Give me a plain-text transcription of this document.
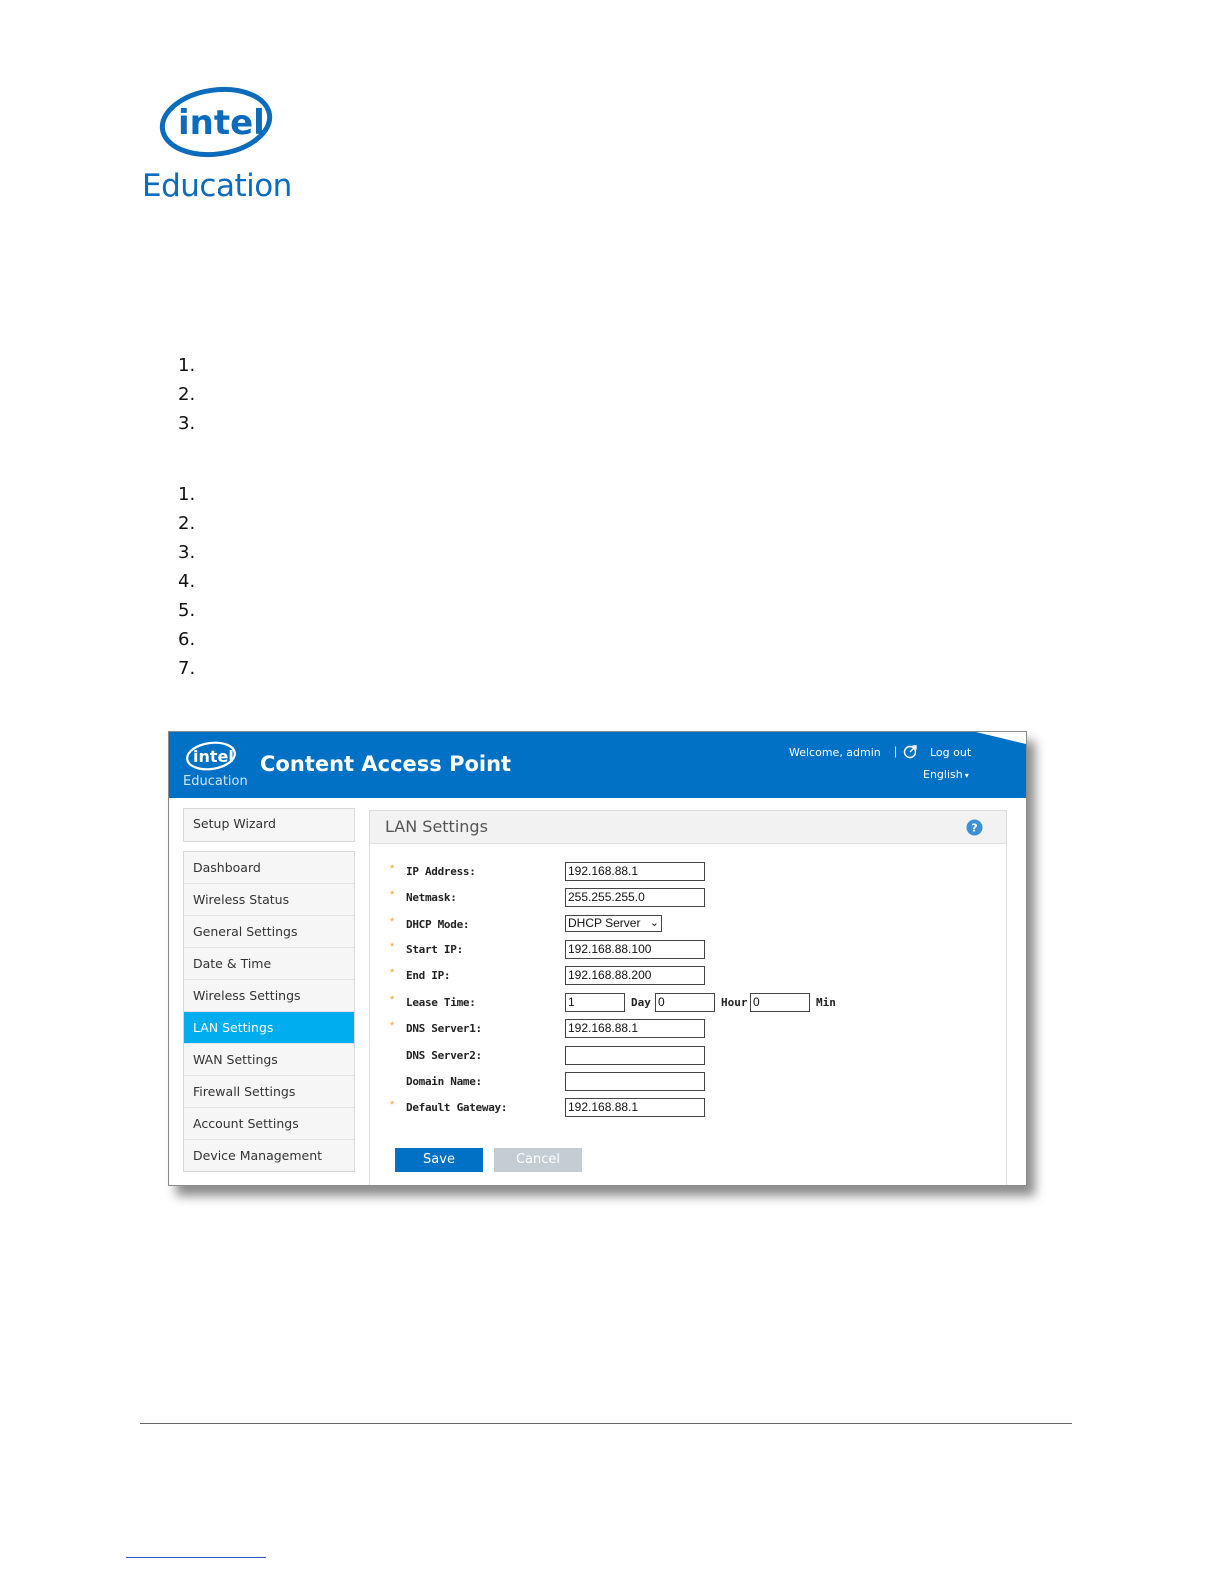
intel
Education
1.
2.
3.
1.
2.
3.
4.
5.
6.
7.
intel
Education
Content Access Point	Welcome, admin |	Log out
English ▾
Setup Wizard
Dashboard
Wireless Status
General Settings
Date & Time
Wireless Settings
LAN Settings
WAN Settings
Firewall Settings
Account Settings
Device Management
LAN Settings	?
* IP Address:	192.168.88.1
* Netmask:	255.255.255.0
* DHCP Mode:	DHCP Server ⌄
* Start IP:	192.168.88.100
* End IP:	192.168.88.200
* Lease Time:	1	Day 0	Hour 0	Min
* DNS Server1:	192.168.88.1
DNS Server2:
Domain Name:
* Default Gateway:	192.168.88.1
Save	Cancel
